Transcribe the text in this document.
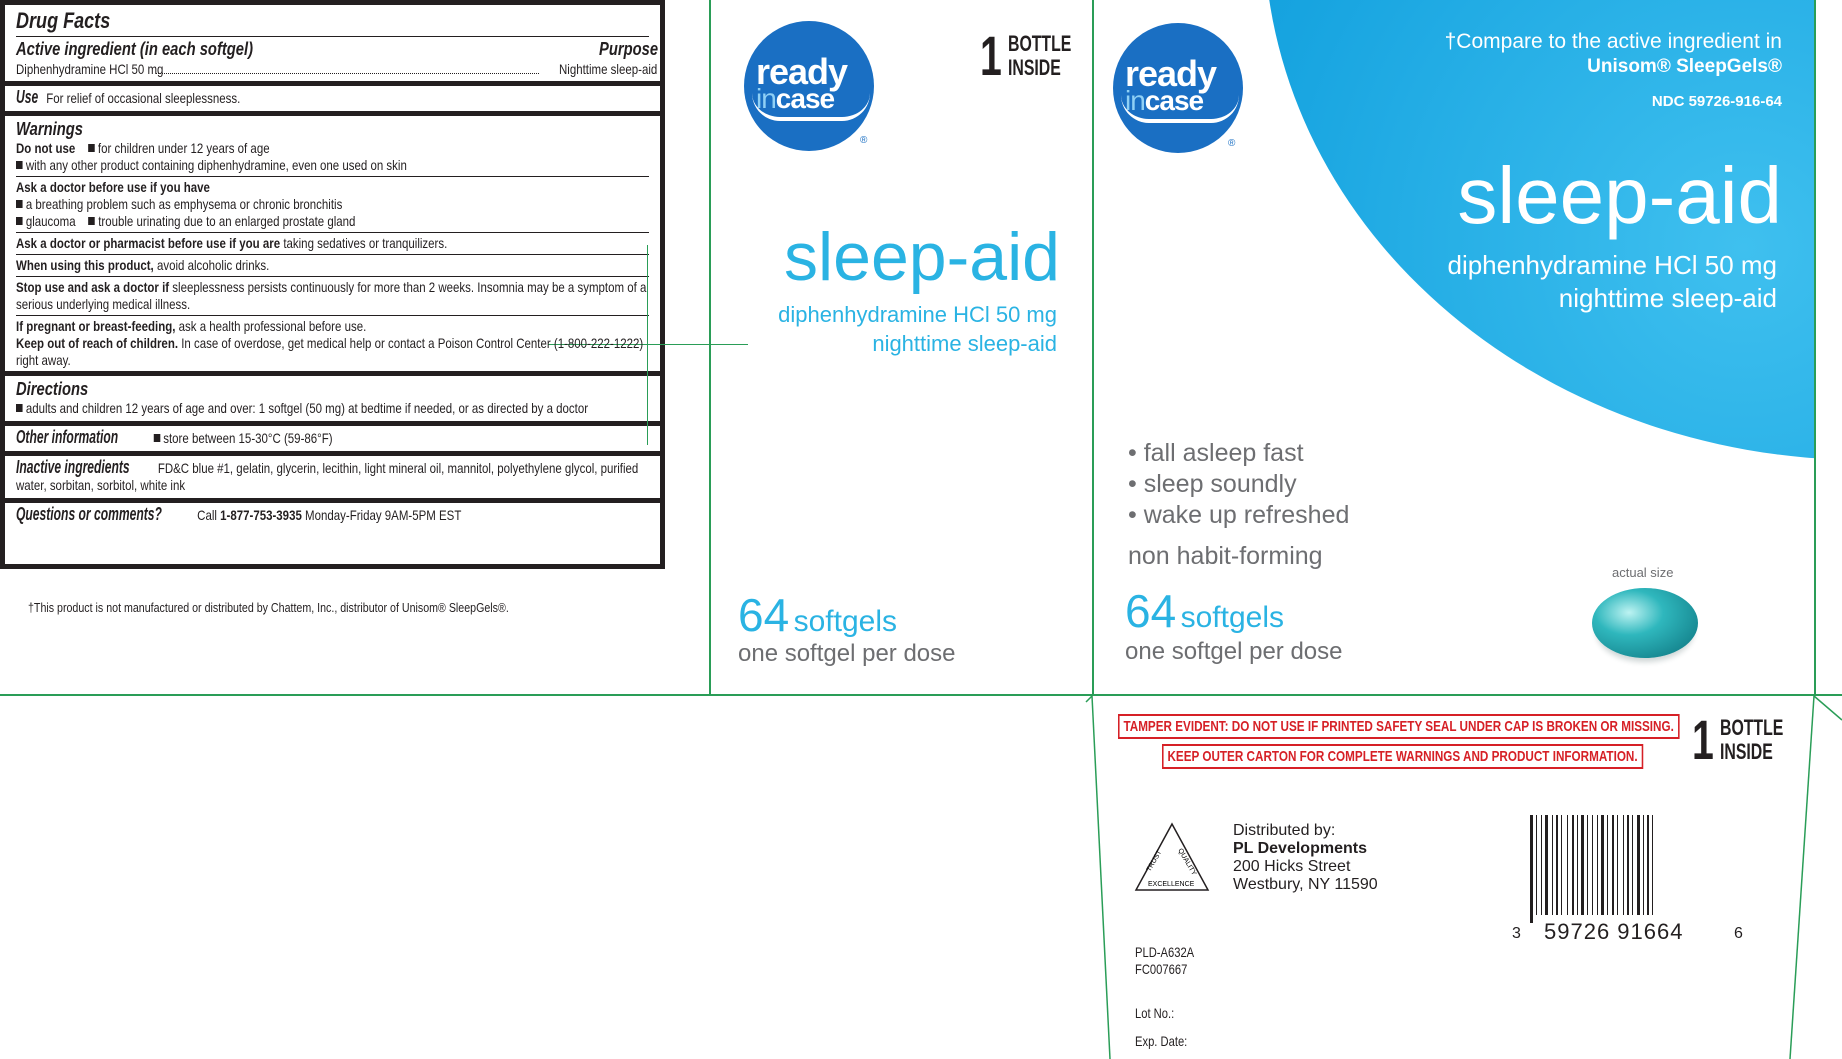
Drug Facts
Active ingredient (in each softgel)	Purpose
Diphenhydramine HCl 50 mg	Nighttime sleep-aid
Use For relief of occasional sleeplessness.
Warnings
Do not use for children under 12 years of age
with any other product containing diphenhydramine, even one used on skin
Ask a doctor before use if you have
a breathing problem such as emphysema or chronic bronchitis
glaucoma trouble urinating due to an enlarged prostate gland
Ask a doctor or pharmacist before use if you are taking sedatives or tranquilizers.
When using this product, avoid alcoholic drinks.
Stop use and ask a doctor if sleeplessness persists continuously for more than 2 weeks. Insomnia may be a symptom of a
serious underlying medical illness.
If pregnant or breast-feeding, ask a health professional before use.
Keep out of reach of children. In case of overdose, get medical help or contact a Poison Control Center (1-800-222-1222)
right away.
Directions
adults and children 12 years of age and over: 1 softgel (50 mg) at bedtime if needed, or as directed by a doctor
Other information	store between 15-30°C (59-86°F)
Inactive ingredients FD&C blue #1, gelatin, glycerin, lecithin, light mineral oil, mannitol, polyethylene glycol, purified
water, sorbitan, sorbitol, white ink
Questions or comments?	Call 1-877-753-3935 Monday-Friday 9AM-5PM EST
†This product is not manufactured or distributed by Chattem, Inc., distributor of Unisom® SleepGels®.
ready
incase
®
1 BOTTLE
INSIDE
sleep-aid
diphenhydramine HCl 50 mg
nighttime sleep-aid
64 softgels
one softgel per dose
ready
incase
®
†Compare to the active ingredient in
Unisom® SleepGels®
NDC 59726-916-64
sleep-aid
diphenhydramine HCl 50 mg
nighttime sleep-aid
• fall asleep fast
• sleep soundly
• wake up refreshed
non habit-forming
64 softgels
one softgel per dose
actual size
TAMPER EVIDENT: DO NOT USE IF PRINTED SAFETY SEAL UNDER CAP IS BROKEN OR MISSING.
KEEP OUTER CARTON FOR COMPLETE WARNINGS AND PRODUCT INFORMATION. 1 BOTTLE
INSIDE
TRUST QUALITY
EXCELLENCE
Distributed by:
PL Developments
200 Hicks Street
Westbury, NY 11590
PLD-A632A
FC007667
Lot No.:
Exp. Date:
3 59726 91664	6
